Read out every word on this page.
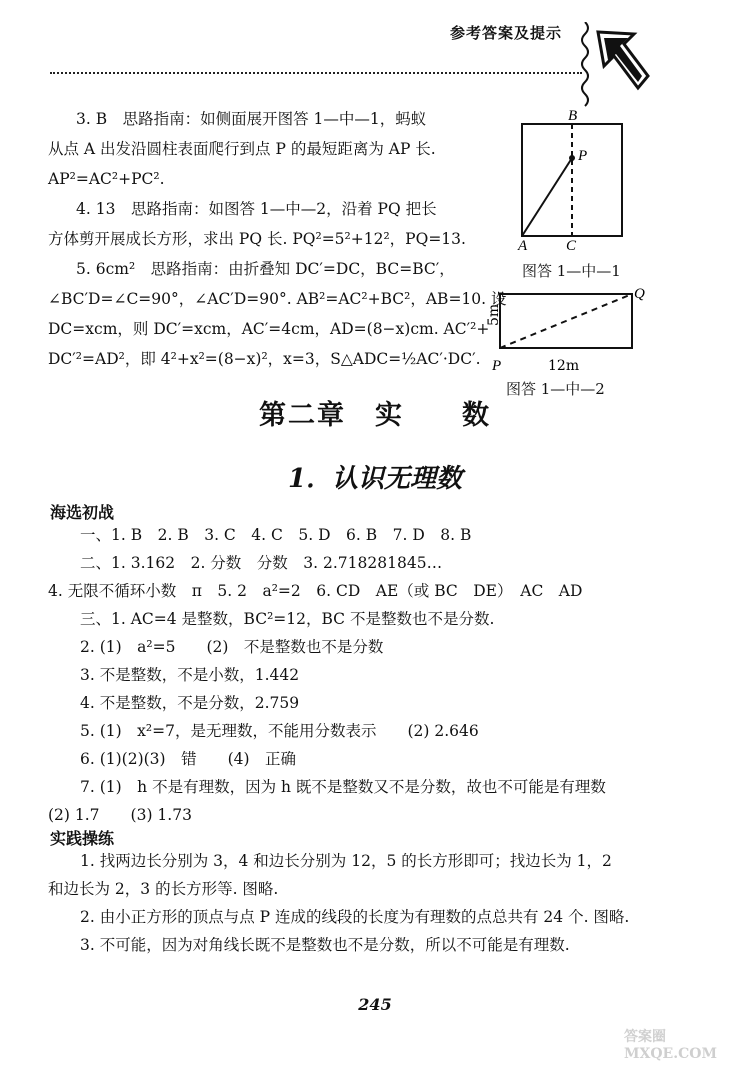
参考答案及提示
3. B　思路指南：如侧面展开图答 1—中—1，蚂蚁
从点 A 出发沿圆柱表面爬行到点 P 的最短距离为 AP 长.
AP²=AC²+PC².
4. 13　思路指南：如图答 1—中—2，沿着 PQ 把长
方体剪开展成长方形，求出 PQ 长. PQ²=5²+12²，PQ=13.
5. 6cm²　思路指南：由折叠知 DC′=DC，BC=BC′，
∠BC′D=∠C=90°，∠AC′D=90°. AB²=AC²+BC²，AB=10. 设
DC=xcm，则 DC′=xcm，AC′=4cm，AD=(8−x)cm. AC′²+
DC′²=AD²，即 4²+x²=(8−x)²，x=3，S△ADC=½AC′·DC′.
B
P
A	C
图答 1—中—1
Q
P
5m
12m
图答 1—中—2
第二章　实　　数
1．认识无理数
海选初战
一、1. B　2. B　3. C　4. C　5. D　6. B　7. D　8. B
二、1. 3.162　2. 分数　分数　3. 2.718281845…
4. 无限不循环小数　π　5. 2　a²=2　6. CD　AE（或 BC　DE）　AC　AD
三、1. AC=4 是整数，BC²=12，BC 不是整数也不是分数.
2. (1)　a²=5　　(2)　不是整数也不是分数
3. 不是整数，不是小数，1.442
4. 不是整数，不是分数，2.759
5. (1)　x²=7，是无理数，不能用分数表示　　(2) 2.646
6. (1)(2)(3)　错　　(4)　正确
7. (1)　h 不是有理数，因为 h 既不是整数又不是分数，故也不可能是有理数
(2) 1.7　　(3) 1.73
实践操练
1. 找两边长分别为 3，4 和边长分别为 12，5 的长方形即可；找边长为 1，2
和边长为 2，3 的长方形等. 图略.
2. 由小正方形的顶点与点 P 连成的线段的长度为有理数的点总共有 24 个. 图略.
3. 不可能，因为对角线长既不是整数也不是分数，所以不可能是有理数.
245
答案圈 MXQE.COM
